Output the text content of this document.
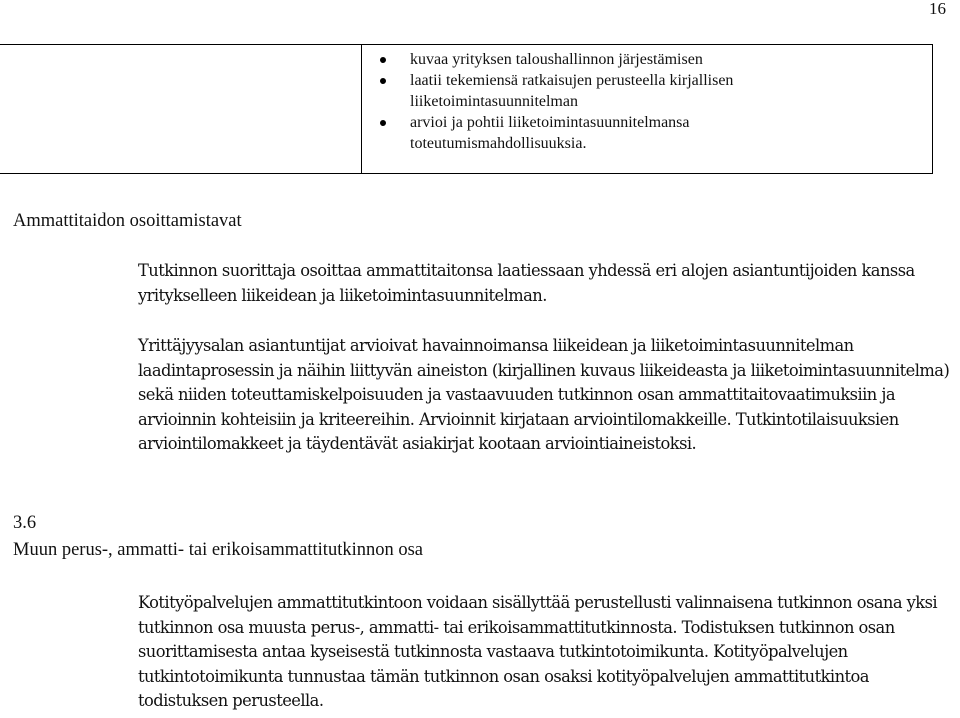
16
kuvaa yrityksen taloushallinnon järjestämisen
laatii tekemiensä ratkaisujen perusteella kirjallisen liiketoimintasuunnitelman
arvioi ja pohtii liiketoimintasuunnitelmansa toteutumismahdollisuuksia.
Ammattitaidon osoittamistavat

Tutkinnon suorittaja osoittaa ammattitaitonsa laatiessaan yhdessä eri alojen asiantuntijoiden kanssa yritykselleen liikeidean ja liiketoimintasuunnitelman.

Yrittäjyysalan asiantuntijat arvioivat havainnoimansa liikeidean ja liiketoimintasuunnitelman laadintaprosessin ja näihin liittyvän aineiston (kirjallinen kuvaus liikeideasta ja liiketoimintasuunnitelma) sekä niiden toteuttamiskelpoisuuden ja vastaavuuden tutkinnon osan ammattitaitovaatimuksiin ja arvioinnin kohteisiin ja kriteereihin. Arvioinnit kirjataan arviointilomakkeille. Tutkintotilaisuuksien arviointilomakkeet ja täydentävät asiakirjat kootaan arviointiaineistoksi.

3.6
Muun perus-, ammatti- tai erikoisammattitutkinnon osa

Kotityöpalvelujen ammattitutkintoon voidaan sisällyttää perustellusti valinnaisena tutkinnon osana yksi tutkinnon osa muusta perus-, ammatti- tai erikoisammattitutkinnosta. Todistuksen tutkinnon osan suorittamisesta antaa kyseisestä tutkinnosta vastaava tutkintotoimikunta. Kotityöpalvelujen tutkintotoimikunta tunnustaa tämän tutkinnon osan osaksi kotityöpalvelujen ammattitutkintoa todistuksen perusteella.
